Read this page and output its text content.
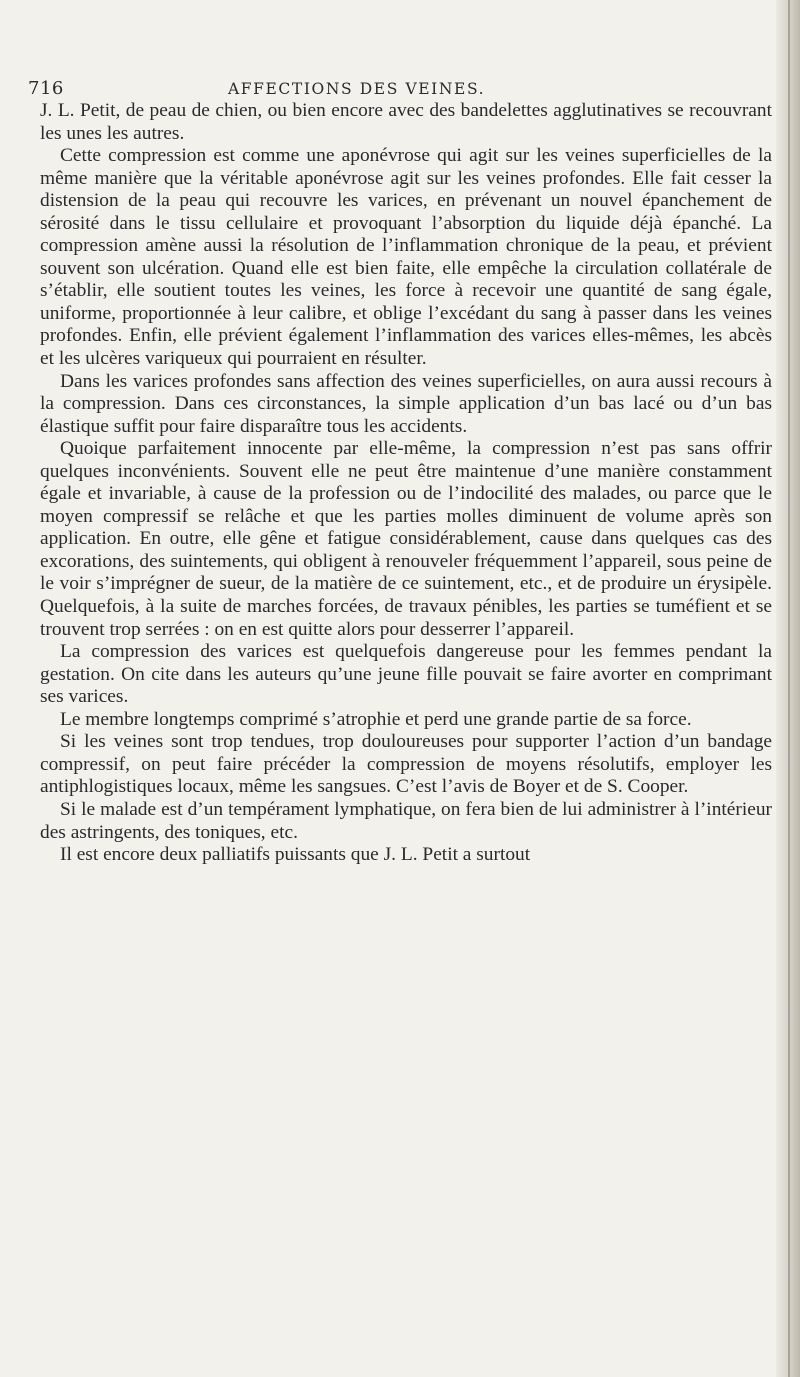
716	AFFECTIONS DES VEINES.

J. L. Petit, de peau de chien, ou bien encore avec des bandelettes agglutinatives se recouvrant les unes les autres.

Cette compression est comme une aponévrose qui agit sur les veines superficielles de la même manière que la véritable aponévrose agit sur les veines profondes. Elle fait cesser la distension de la peau qui recouvre les varices, en prévenant un nouvel épanchement de sérosité dans le tissu cellulaire et provoquant l’absorption du liquide déjà épanché. La compression amène aussi la résolution de l’inflammation chronique de la peau, et prévient souvent son ulcération. Quand elle est bien faite, elle empêche la circulation collatérale de s’établir, elle soutient toutes les veines, les force à recevoir une quantité de sang égale, uniforme, proportionnée à leur calibre, et oblige l’excédant du sang à passer dans les veines profondes. Enfin, elle prévient également l’inflammation des varices elles-mêmes, les abcès et les ulcères variqueux qui pourraient en résulter.

Dans les varices profondes sans affection des veines superficielles, on aura aussi recours à la compression. Dans ces circonstances, la simple application d’un bas lacé ou d’un bas élastique suffit pour faire disparaître tous les accidents.

Quoique parfaitement innocente par elle-même, la compression n’est pas sans offrir quelques inconvénients. Souvent elle ne peut être maintenue d’une manière constamment égale et invariable, à cause de la profession ou de l’indocilité des malades, ou parce que le moyen compressif se relâche et que les parties molles diminuent de volume après son application. En outre, elle gêne et fatigue considérablement, cause dans quelques cas des excorations, des suintements, qui obligent à renouveler fréquemment l’appareil, sous peine de le voir s’imprégner de sueur, de la matière de ce suintement, etc., et de produire un érysipèle. Quelquefois, à la suite de marches forcées, de travaux pénibles, les parties se tuméfient et se trouvent trop serrées : on en est quitte alors pour desserrer l’appareil.

La compression des varices est quelquefois dangereuse pour les femmes pendant la gestation. On cite dans les auteurs qu’une jeune fille pouvait se faire avorter en comprimant ses varices.

Le membre longtemps comprimé s’atrophie et perd une grande partie de sa force.

Si les veines sont trop tendues, trop douloureuses pour supporter l’action d’un bandage compressif, on peut faire précéder la compression de moyens résolutifs, employer les antiphlogistiques locaux, même les sangsues. C’est l’avis de Boyer et de S. Cooper.

Si le malade est d’un tempérament lymphatique, on fera bien de lui administrer à l’intérieur des astringents, des toniques, etc.

Il est encore deux palliatifs puissants que J. L. Petit a surtout
